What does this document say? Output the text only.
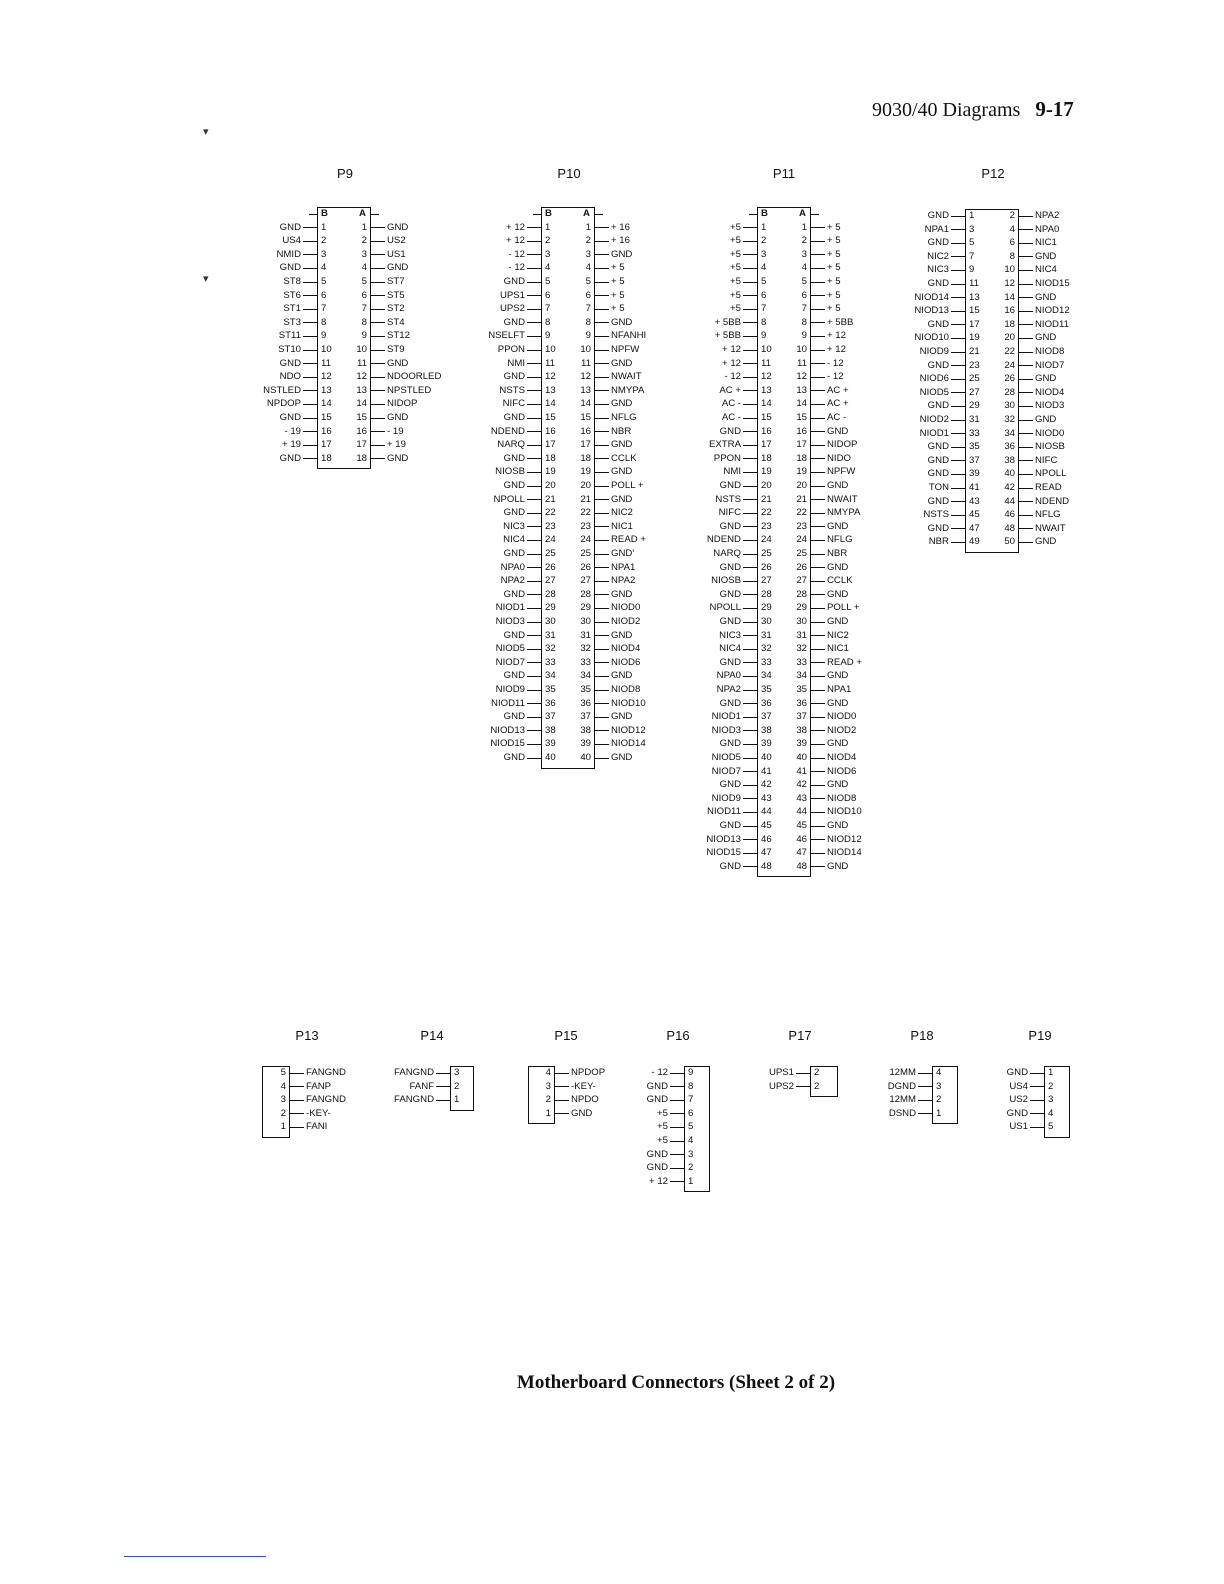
9030/40 Diagrams 9-17
▾
▾
P9
B	A
GND 1	1 GND
US4 2	2 US2
NMID 3	3 US1
GND 4	4 GND
ST8 5	5 ST7
ST6 6	6 ST5
ST1 7	7 ST2
ST3 8	8 ST4
ST11 9	9 ST12
ST10 10	10 ST9
GND 11	11 GND
NDO 12	12 NDOORLED
NSTLED 13	13 NPSTLED
NPDOP 14	14 NIDOP
GND 15	15 GND
- 19 16	16 - 19
+ 19 17	17 + 19
GND 18	18 GND
P10
B	A
+ 12 1	1 + 16
+ 12 2	2 + 16
- 12 3	3 GND
- 12 4	4 + 5
GND 5	5 + 5
UPS1 6	6 + 5
UPS2 7	7 + 5
GND 8	8 GND
NSELFT 9	9 NFANHI
PPON 10	10 NPFW
NMI 11	11 GND
GND 12	12 NWAIT
NSTS 13	13 NMYPA
NIFC 14	14 GND
GND 15	15 NFLG
NDEND 16	16 NBR
NARQ 17	17 GND
GND 18	18 CCLK
NIOSB 19	19 GND
GND 20	20 POLL +
NPOLL 21	21 GND
GND 22	22 NIC2
NIC3 23	23 NIC1
NIC4 24	24 READ +
GND 25	25 GND'
NPA0 26	26 NPA1
NPA2 27	27 NPA2
GND 28	28 GND
NIOD1 29	29 NIOD0
NIOD3 30	30 NIOD2
GND 31	31 GND
NIOD5 32	32 NIOD4
NIOD7 33	33 NIOD6
GND 34	34 GND
NIOD9 35	35 NIOD8
NIOD11 36	36 NIOD10
GND 37	37 GND
NIOD13 38	38 NIOD12
NIOD15 39	39 NIOD14
GND 40	40 GND
P11
B	A
+5 1	1 + 5
+5 2	2 + 5
+5 3	3 + 5
+5 4	4 + 5
+5 5	5 + 5
+5 6	6 + 5
+5 7	7 + 5
+ 5BB 8	8 + 5BB
+ 5BB 9	9 + 12
+ 12 10	10 + 12
+ 12 11	11 - 12
- 12 12	12 - 12
AC + 13	13 AC +
AC - 14	14 AC +
AC - 15	15 AC -
GND 16	16 GND
EXTRA 17	17 NIDOP
PPON 18	18 NIDO
NMI 19	19 NPFW
GND 20	20 GND
NSTS 21	21 NWAIT
NIFC 22	22 NMYPA
GND 23	23 GND
NDEND 24	24 NFLG
NARQ 25	25 NBR
GND 26	26 GND
NIOSB 27	27 CCLK
GND 28	28 GND
NPOLL 29	29 POLL +
GND 30	30 GND
NIC3 31	31 NIC2
NIC4 32	32 NIC1
GND 33	33 READ +
NPA0 34	34 GND
NPA2 35	35 NPA1
GND 36	36 GND
NIOD1 37	37 NIOD0
NIOD3 38	38 NIOD2
GND 39	39 GND
NIOD5 40	40 NIOD4
NIOD7 41	41 NIOD6
GND 42	42 GND
NIOD9 43	43 NIOD8
NIOD11 44	44 NIOD10
GND 45	45 GND
NIOD13 46	46 NIOD12
NIOD15 47	47 NIOD14
GND 48	48 GND
P12
GND 1	2 NPA2
NPA1 3	4 NPA0
GND 5	6 NIC1
NIC2 7	8 GND
NIC3 9	10 NIC4
GND 11	12 NIOD15
NIOD14 13	14 GND
NIOD13 15	16 NIOD12
GND 17	18 NIOD11
NIOD10 19	20 GND
NIOD9 21	22 NIOD8
GND 23	24 NIOD7
NIOD6 25	26 GND
NIOD5 27	28 NIOD4
GND 29	30 NIOD3
NIOD2 31	32 GND
NIOD1 33	34 NIOD0
GND 35	36 NIOSB
GND 37	38 NIFC
GND 39	40 NPOLL
TON 41	42 READ
GND 43	44 NDEND
NSTS 45	46 NFLG
GND 47	48 NWAIT
NBR 49	50 GND
P13
5 FANGND
4 FANP
3 FANGND
2 -KEY-
1 FANI
P14
FANGND 3
FANF 2
FANGND 1
P15
4 NPDOP
3 -KEY-
2 NPDO
1 GND
P16
- 12 9
GND 8
GND 7
+5 6
+5 5
+5 4
GND 3
GND 2
+ 12 1
P17
UPS1 2
UPS2 2
P18
12MM 4
DGND 3
12MM 2
DSND 1
P19
GND 1
US4 2
US2 3
GND 4
US1 5
Motherboard Connectors (Sheet 2 of 2)
